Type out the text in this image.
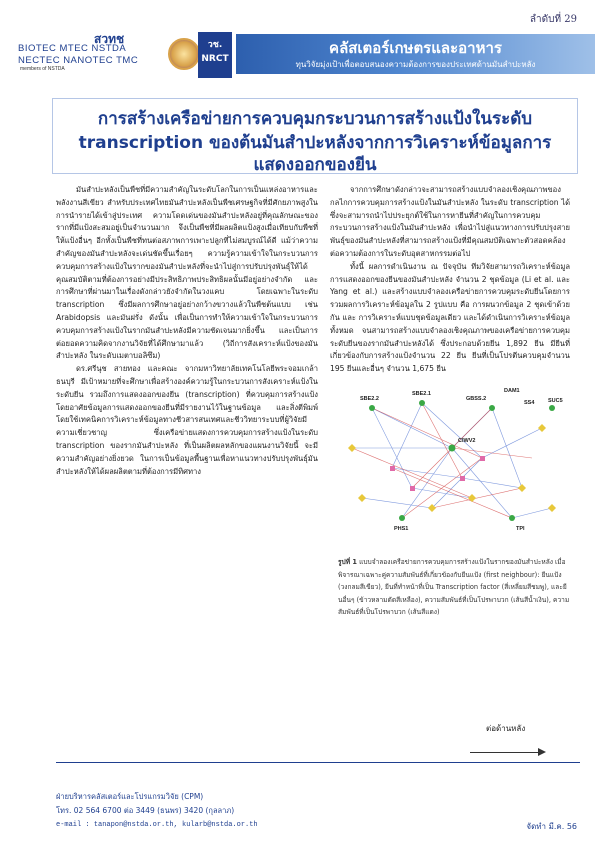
ลำดับที่ 29
สวทช
BIOTEC MTEC NSTDA
NECTEC NANOTEC TMC
members of NSTDA
วช.
NRCT
คลัสเตอร์เกษตรและอาหาร
ทุนวิจัยมุ่งเป้าเพื่อตอบสนองความต้องการของประเทศด้านมันสำปะหลัง
การสร้างเครือข่ายการควบคุมกระบวนการสร้างแป้งในระดับ
transcription ของต้นมันสำปะหลังจากการวิเคราะห์ข้อมูลการ
แสดงออกของยีน

มันสำปะหลังเป็นพืชที่มีความสำคัญในระดับโลกในการเป็นแหล่งอาหารและพลังงานสีเขียว สำหรับประเทศไทยมันสำปะหลังเป็นพืชเศรษฐกิจที่มีศักยภาพสูงในการนำรายได้เข้าสู่ประเทศ ความโดดเด่นของมันสำปะหลังอยู่ที่คุณลักษณะของรากที่มีแป้งสะสมอยู่เป็นจำนวนมาก จึงเป็นพืชที่มีผลผลิตแป้งสูงเมื่อเทียบกับพืชที่ให้แป้งอื่นๆ อีกทั้งเป็นพืชที่ทนต่อสภาพการเพาะปลูกที่ไม่สมบูรณ์ได้ดี แม้ว่าความสำคัญของมันสำปะหลังจะเด่นชัดขึ้นเรื่อยๆ ความรู้ความเข้าใจในกระบวนการควบคุมการสร้างแป้งในรากของมันสำปะหลังที่จะนำไปสู่การปรับปรุงพันธุ์ให้ได้คุณสมบัติตามที่ต้องการอย่างมีประสิทธิภาพประสิทธิผลนั้นมีอยู่อย่างจำกัด และการศึกษาที่ผ่านมาในเรื่องดังกล่าวยังจำกัดในวงแคบ โดยเฉพาะในระดับ transcription ซึ่งมีผลการศึกษาอยู่อย่างกว้างขวางแล้วในพืชต้นแบบ เช่น Arabidopsis และมันฝรั่ง ดังนั้น เพื่อเป็นการทำให้ความเข้าใจในกระบวนการควบคุมการสร้างแป้งในรากมันสำปะหลังมีความชัดเจนมากยิ่งขึ้น และเป็นการต่อยอดความคิดจากงานวิจัยที่ได้ศึกษามาแล้ว (วิถีการสังเคราะห์แป้งของมันสำปะหลัง ในระดับเมตาบอลิซึม)

ดร.ศรีนุช สายทอง และคณะ จากมหาวิทยาลัยเทคโนโลยีพระจอมเกล้าธนบุรี มีเป้าหมายที่จะศึกษาเพื่อสร้างองค์ความรู้ในกระบวนการสังเคราะห์แป้งในระดับยีน รวมถึงการแสดงออกของยีน (transcription) ที่ควบคุมการสร้างแป้ง โดยอาศัยข้อมูลการแสดงออกของยีนที่มีรายงานไว้ในฐานข้อมูล และสิ่งตีพิมพ์ โดยใช้เทคนิคการวิเคราะห์ข้อมูลทางชีวสารสนเทศและชีววิทยาระบบที่ผู้วิจัยมีความเชี่ยวชาญ ซึ่งเครือข่ายแสดงการควบคุมการสร้างแป้งในระดับ transcription ของรากมันสำปะหลัง ที่เป็นผลิตผลหลักของแผนงานวิจัยนี้ จะมีความสำคัญอย่างยิ่งยวด ในการเป็นข้อมูลพื้นฐานเพื่อหาแนวทางปรับปรุงพันธุ์มันสำปะหลังให้ได้ผลผลิตตามที่ต้องการมีทิศทาง

จากการศึกษาดังกล่าวจะสามารถสร้างแบบจำลองเชิงคุณภาพของกลไกการควบคุมการสร้างแป้งในมันสำปะหลัง ในระดับ transcription ได้ ซึ่งจะสามารถนำไปประยุกต์ใช้ในการหายีนที่สำคัญในการควบคุมกระบวนการสร้างแป้งในมันสำปะหลัง เพื่อนำไปสู่แนวทางการปรับปรุงสายพันธุ์ของมันสำปะหลังที่สามารถสร้างแป้งที่มีคุณสมบัติเฉพาะตัวสอดคล้องต่อความต้องการในระดับอุตสาหกรรมต่อไป

ทั้งนี้ ผลการดำเนินงาน ณ ปัจจุบัน ทีมวิจัยสามารถวิเคราะห์ข้อมูลการแสดงออกของยีนของมันสำปะหลัง จำนวน 2 ชุดข้อมูล (Li et al. และ Yang et al.) และสร้างแบบจำลองเครือข่ายการควบคุมระดับยีนโดยการรวมผลการวิเคราะห์ข้อมูลใน 2 รูปแบบ คือ การผนวกข้อมูล 2 ชุดเข้าด้วยกัน และ การวิเคราะห์แบบชุดข้อมูลเดียว และได้ดำเนินการวิเคราะห์ข้อมูลทั้งหมด จนสามารถสร้างแบบจำลองเชิงคุณภาพของเครือข่ายการควบคุมระดับยีนของรากมันสำปะหลังได้ ซึ่งประกอบด้วยยีน 1,892 ยีน มียีนที่เกี่ยวข้องกับการสร้างแป้งจำนวน 22 ยีน ยีนที่เป็นโปรตีนควบคุมจำนวน 195 ยีนและอื่นๆ จำนวน 1,675 ยีน

SBE2.2
SBE2.1
GBSS.2
DAM1
SS4 SUC5
CIWV2
TPI
PHS1
รูปที่ 1 แบบจำลองเครือข่ายการควบคุมการสร้างแป้งในรากของมันสำปะหลัง เมื่อพิจารณาเฉพาะคู่ความสัมพันธ์ที่เกี่ยวข้องกับยีนแป้ง (first neighbour): ยีนแป้ง (วงกลมสีเขียว), ยีนที่ทำหน้าที่เป็น Transcription factor (สี่เหลี่ยมสีชมพู), และยีนอื่นๆ (ข้าวหลามตัดสีเหลือง), ความสัมพันธ์ที่เป็นโปรพาบวก (เส้นสีน้ำเงิน), ความสัมพันธ์ที่เป็นโปรพาบวก (เส้นสีแดง)
ต่อด้านหลัง
ฝ่ายบริหารคลัสเตอร์และโปรแกรมวิจัย (CPM)
โทร. 02 564 6700 ต่อ 3449 (ธนพร) 3420 (กุลลาภ)
e-mail : tanapon@nstda.or.th, kularb@nstda.or.th	จัดทำ มี.ค. 56
